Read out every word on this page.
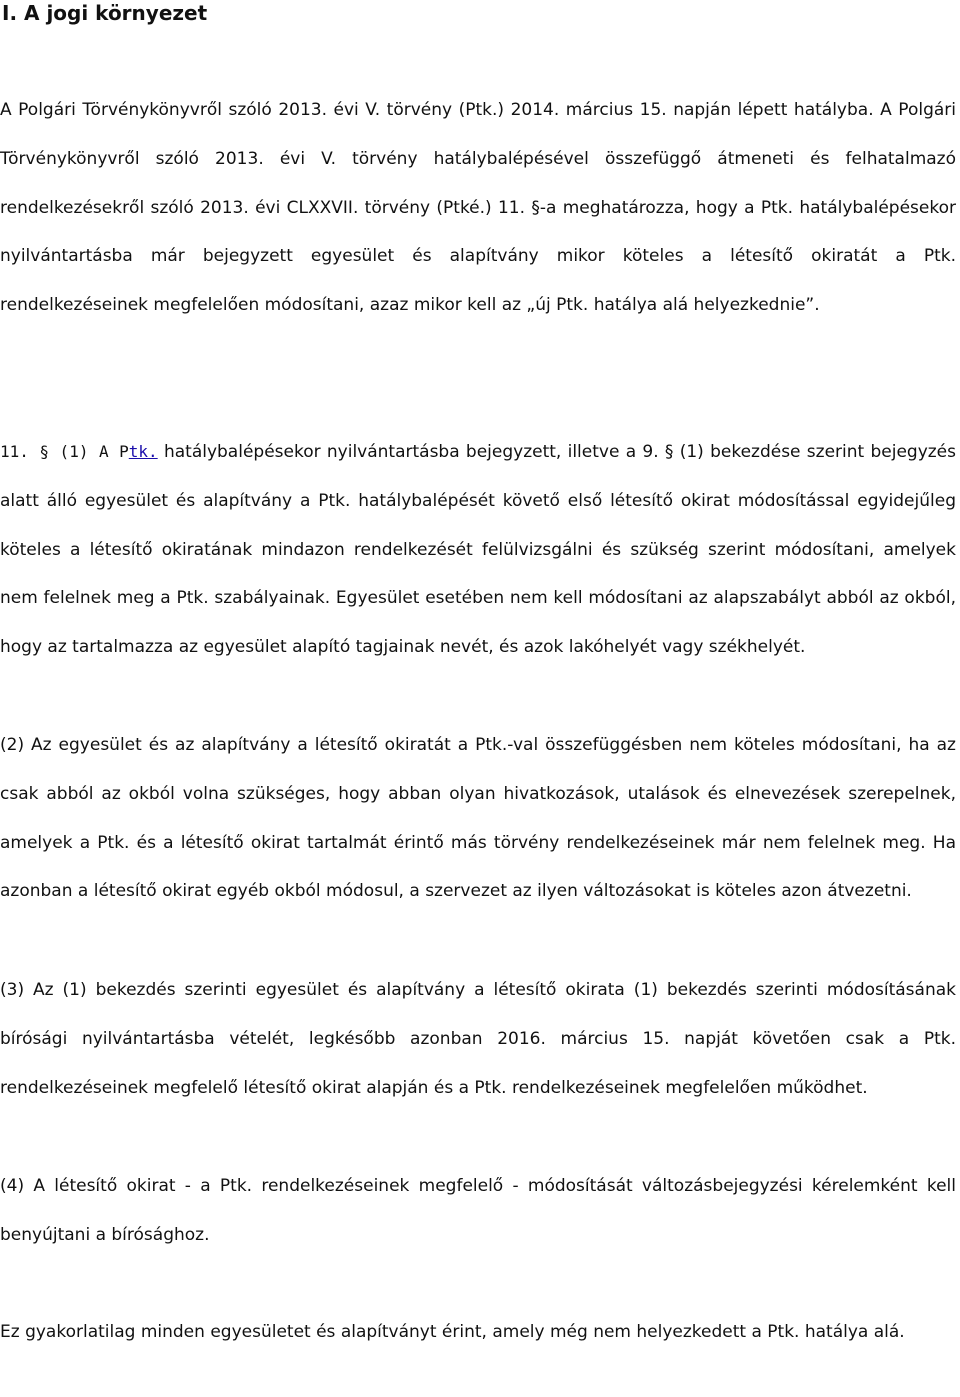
I. A jogi környezet

A Polgári Törvénykönyvről szóló 2013. évi V. törvény (Ptk.) 2014. március 15. napján lépett hatályba. A Polgári Törvénykönyvről szóló 2013. évi V. törvény hatálybalépésével összefüggő átmeneti és felhatalmazó rendelkezésekről szóló 2013. évi CLXXVII. törvény (Ptké.) 11. §-a meghatározza, hogy a Ptk. hatálybalépésekor nyilvántartásba már bejegyzett egyesület és alapítvány mikor köteles a létesítő okiratát a Ptk. rendelkezéseinek megfelelően módosítani, azaz mikor kell az „új Ptk. hatálya alá helyezkednie”.

11. § (1) A Ptk. hatálybalépésekor nyilvántartásba bejegyzett, illetve a 9. § (1) bekezdése szerint bejegyzés alatt álló egyesület és alapítvány a Ptk. hatálybalépését követő első létesítő okirat módosítással egyidejűleg köteles a létesítő okiratának mindazon rendelkezését felülvizsgálni és szükség szerint módosítani, amelyek nem felelnek meg a Ptk. szabályainak. Egyesület esetében nem kell módosítani az alapszabályt abból az okból, hogy az tartalmazza az egyesület alapító tagjainak nevét, és azok lakóhelyét vagy székhelyét.

(2) Az egyesület és az alapítvány a létesítő okiratát a Ptk.-val összefüggésben nem köteles módosítani, ha az csak abból az okból volna szükséges, hogy abban olyan hivatkozások, utalások és elnevezések szerepelnek, amelyek a Ptk. és a létesítő okirat tartalmát érintő más törvény rendelkezéseinek már nem felelnek meg. Ha azonban a létesítő okirat egyéb okból módosul, a szervezet az ilyen változásokat is köteles azon átvezetni.

(3) Az (1) bekezdés szerinti egyesület és alapítvány a létesítő okirata (1) bekezdés szerinti módosításának bírósági nyilvántartásba vételét, legkésőbb azonban 2016. március 15. napját követően csak a Ptk. rendelkezéseinek megfelelő létesítő okirat alapján és a Ptk. rendelkezéseinek megfelelően működhet.

(4) A létesítő okirat - a Ptk. rendelkezéseinek megfelelő - módosítását változásbejegyzési kérelemként kell benyújtani a bírósághoz.

Ez gyakorlatilag minden egyesületet és alapítványt érint, amely még nem helyezkedett a Ptk. hatálya alá.
